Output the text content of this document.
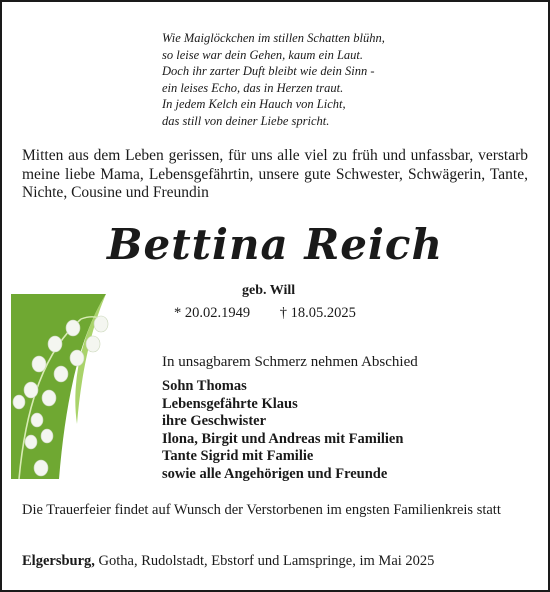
Wie Maiglöckchen im stillen Schatten blühn,
so leise war dein Gehen, kaum ein Laut.
Doch ihr zarter Duft bleibt wie dein Sinn -
ein leises Echo, das in Herzen traut.
In jedem Kelch ein Hauch von Licht,
das still von deiner Liebe spricht.
Mitten aus dem Leben gerissen, für uns alle viel zu früh und unfassbar, verstarb meine liebe Mama, Lebensgefährtin, unsere gute Schwester, Schwägerin, Tante, Nichte, Cousine und Freundin
Bettina Reich
geb. Will
* 20.02.1949 † 18.05.2025
In unsagbarem Schmerz nehmen Abschied
Sohn Thomas
Lebensgefährte Klaus
ihre Geschwister
Ilona, Birgit und Andreas mit Familien
Tante Sigrid mit Familie
sowie alle Angehörigen und Freunde
Die Trauerfeier findet auf Wunsch der Verstorbenen im engsten Familienkreis statt
Elgersburg, Gotha, Rudolstadt, Ebstorf und Lamspringe, im Mai 2025
